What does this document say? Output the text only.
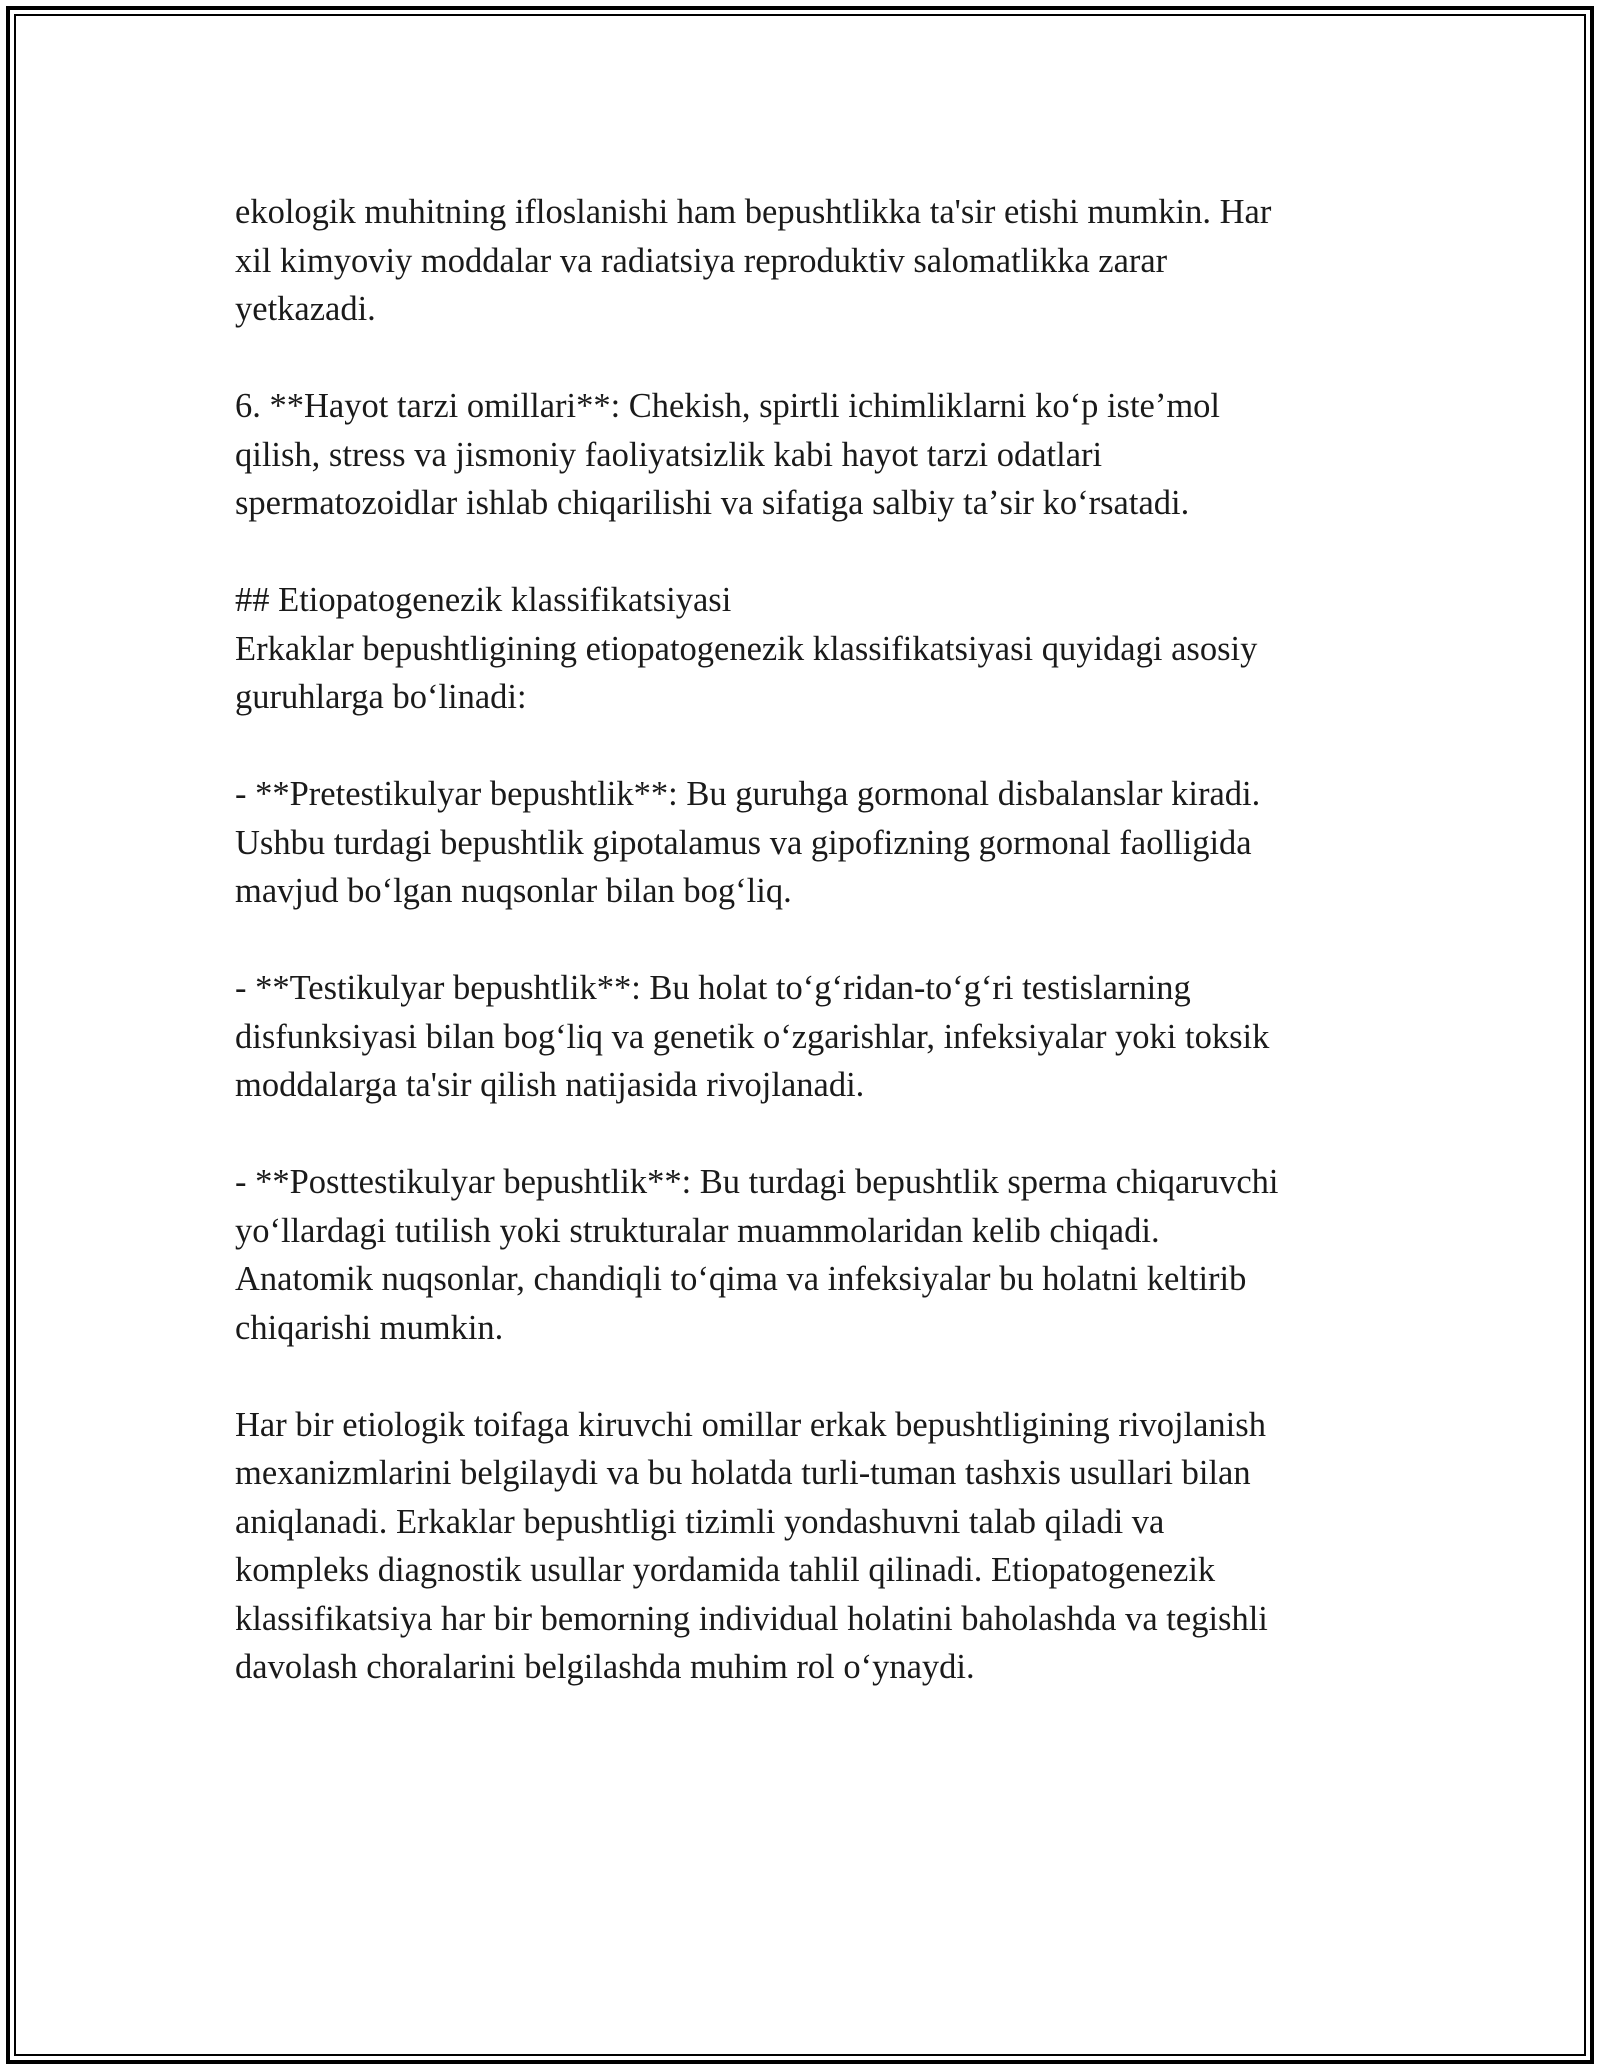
ekologik muhitning ifloslanishi ham bepushtlikka ta'sir etishi mumkin. Har
xil kimyoviy moddalar va radiatsiya reproduktiv salomatlikka zarar
yetkazadi.

6. **Hayot tarzi omillari**: Chekish, spirtli ichimliklarni koʻp isteʼmol
qilish, stress va jismoniy faoliyatsizlik kabi hayot tarzi odatlari
spermatozoidlar ishlab chiqarilishi va sifatiga salbiy taʼsir koʻrsatadi.

## Etiopatogenezik klassifikatsiyasi

Erkaklar bepushtligining etiopatogenezik klassifikatsiyasi quyidagi asosiy
guruhlarga boʻlinadi:

- **Pretestikulyar bepushtlik**: Bu guruhga gormonal disbalanslar kiradi.
Ushbu turdagi bepushtlik gipotalamus va gipofizning gormonal faolligida
mavjud boʻlgan nuqsonlar bilan bogʻliq.

- **Testikulyar bepushtlik**: Bu holat toʻgʻridan-toʻgʻri testislarning
disfunksiyasi bilan bogʻliq va genetik oʻzgarishlar, infeksiyalar yoki toksik
moddalarga ta'sir qilish natijasida rivojlanadi.

- **Posttestikulyar bepushtlik**: Bu turdagi bepushtlik sperma chiqaruvchi
yoʻllardagi tutilish yoki strukturalar muammolaridan kelib chiqadi.
Anatomik nuqsonlar, chandiqli toʻqima va infeksiyalar bu holatni keltirib
chiqarishi mumkin.

Har bir etiologik toifaga kiruvchi omillar erkak bepushtligining rivojlanish
mexanizmlarini belgilaydi va bu holatda turli-tuman tashxis usullari bilan
aniqlanadi. Erkaklar bepushtligi tizimli yondashuvni talab qiladi va
kompleks diagnostik usullar yordamida tahlil qilinadi. Etiopatogenezik
klassifikatsiya har bir bemorning individual holatini baholashda va tegishli
davolash choralarini belgilashda muhim rol oʻynaydi.
